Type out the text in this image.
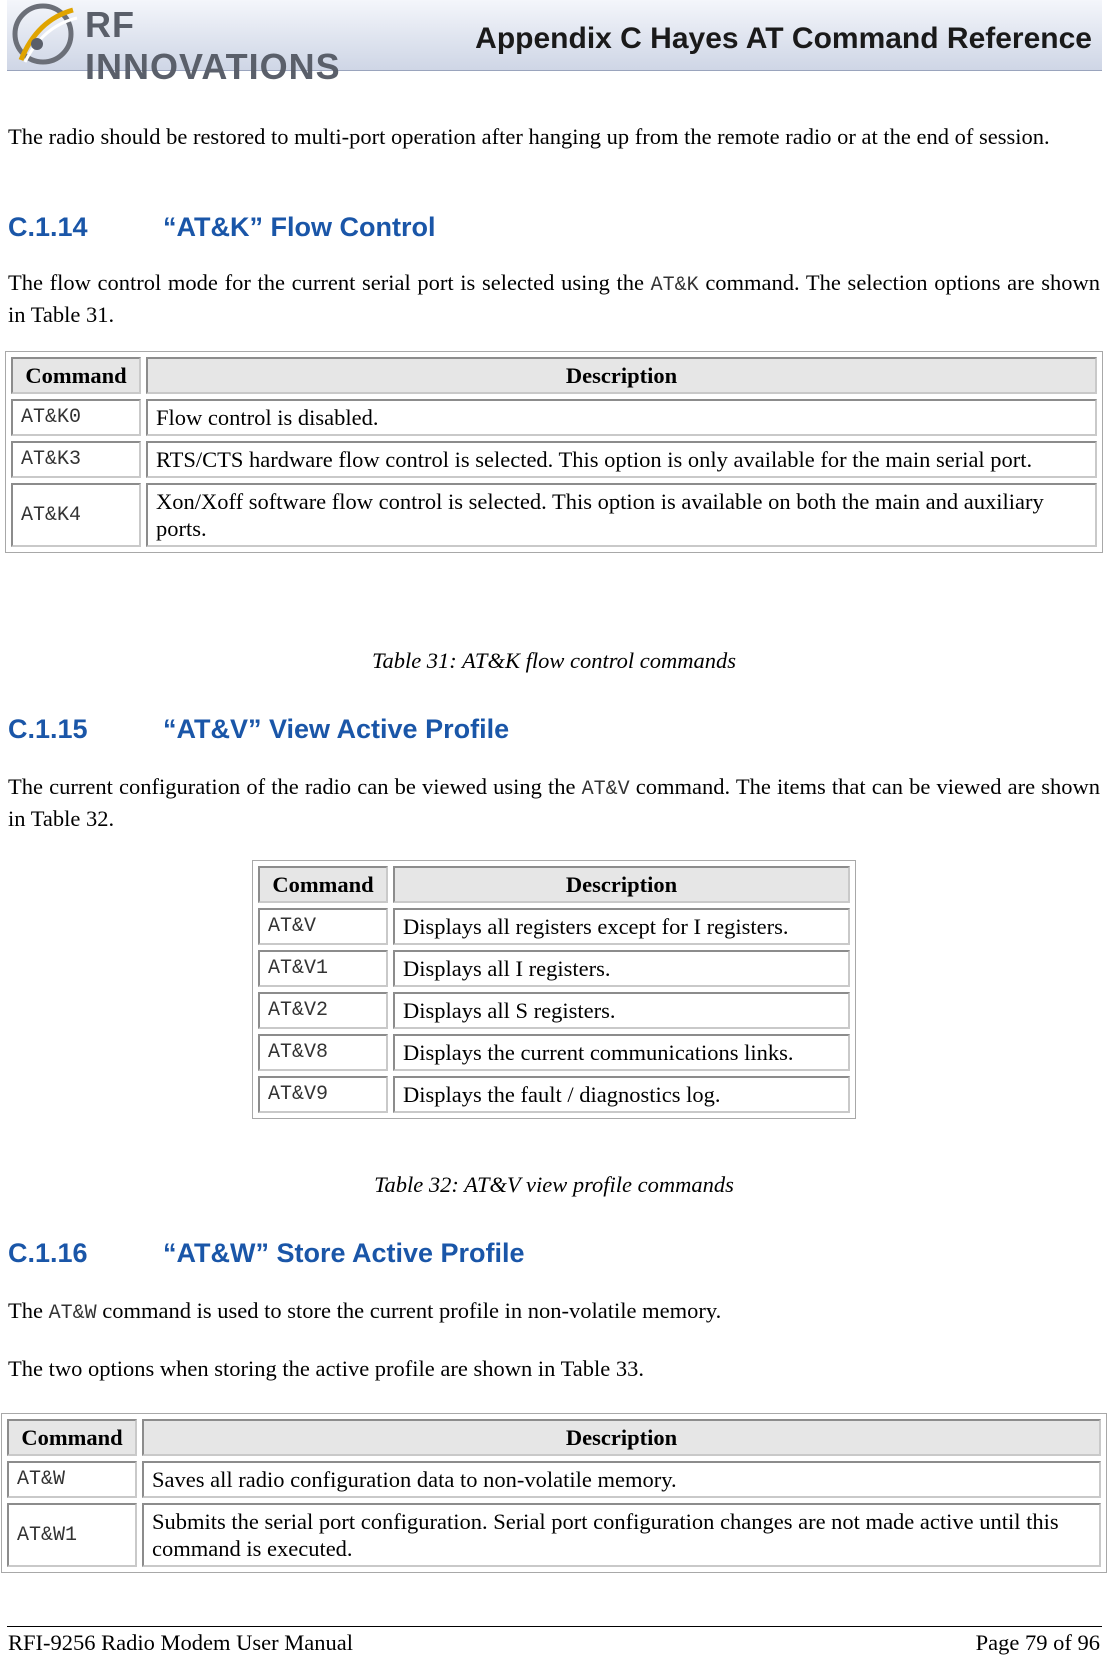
RF INNOVATIONS
Appendix C Hayes AT Command Reference
The radio should be restored to multi-port operation after hanging up from the remote radio or at the end of session.
C.1.14	“AT&K” Flow Control
The flow control mode for the current serial port is selected using the AT&K command. The selection options are shown in Table 31.
Command	Description
AT&K0	Flow control is disabled.
AT&K3	RTS/CTS hardware flow control is selected. This option is only available for the main serial port.
AT&K4	Xon/Xoff software flow control is selected. This option is available on both the main and auxiliary ports.
Table 31: AT&K flow control commands
C.1.15	“AT&V” View Active Profile
The current configuration of the radio can be viewed using the AT&V command. The items that can be viewed are shown in Table 32.
Command	Description
AT&V	Displays all registers except for I registers.
AT&V1	Displays all I registers.
AT&V2	Displays all S registers.
AT&V8	Displays the current communications links.
AT&V9	Displays the fault / diagnostics log.
Table 32: AT&V view profile commands
C.1.16	“AT&W” Store Active Profile
The AT&W command is used to store the current profile in non-volatile memory.
The two options when storing the active profile are shown in Table 33.
Command	Description
AT&W	Saves all radio configuration data to non-volatile memory.
AT&W1	Submits the serial port configuration. Serial port configuration changes are not made active until this command is executed.
RFI-9256 Radio Modem User Manual	Page 79 of 96
